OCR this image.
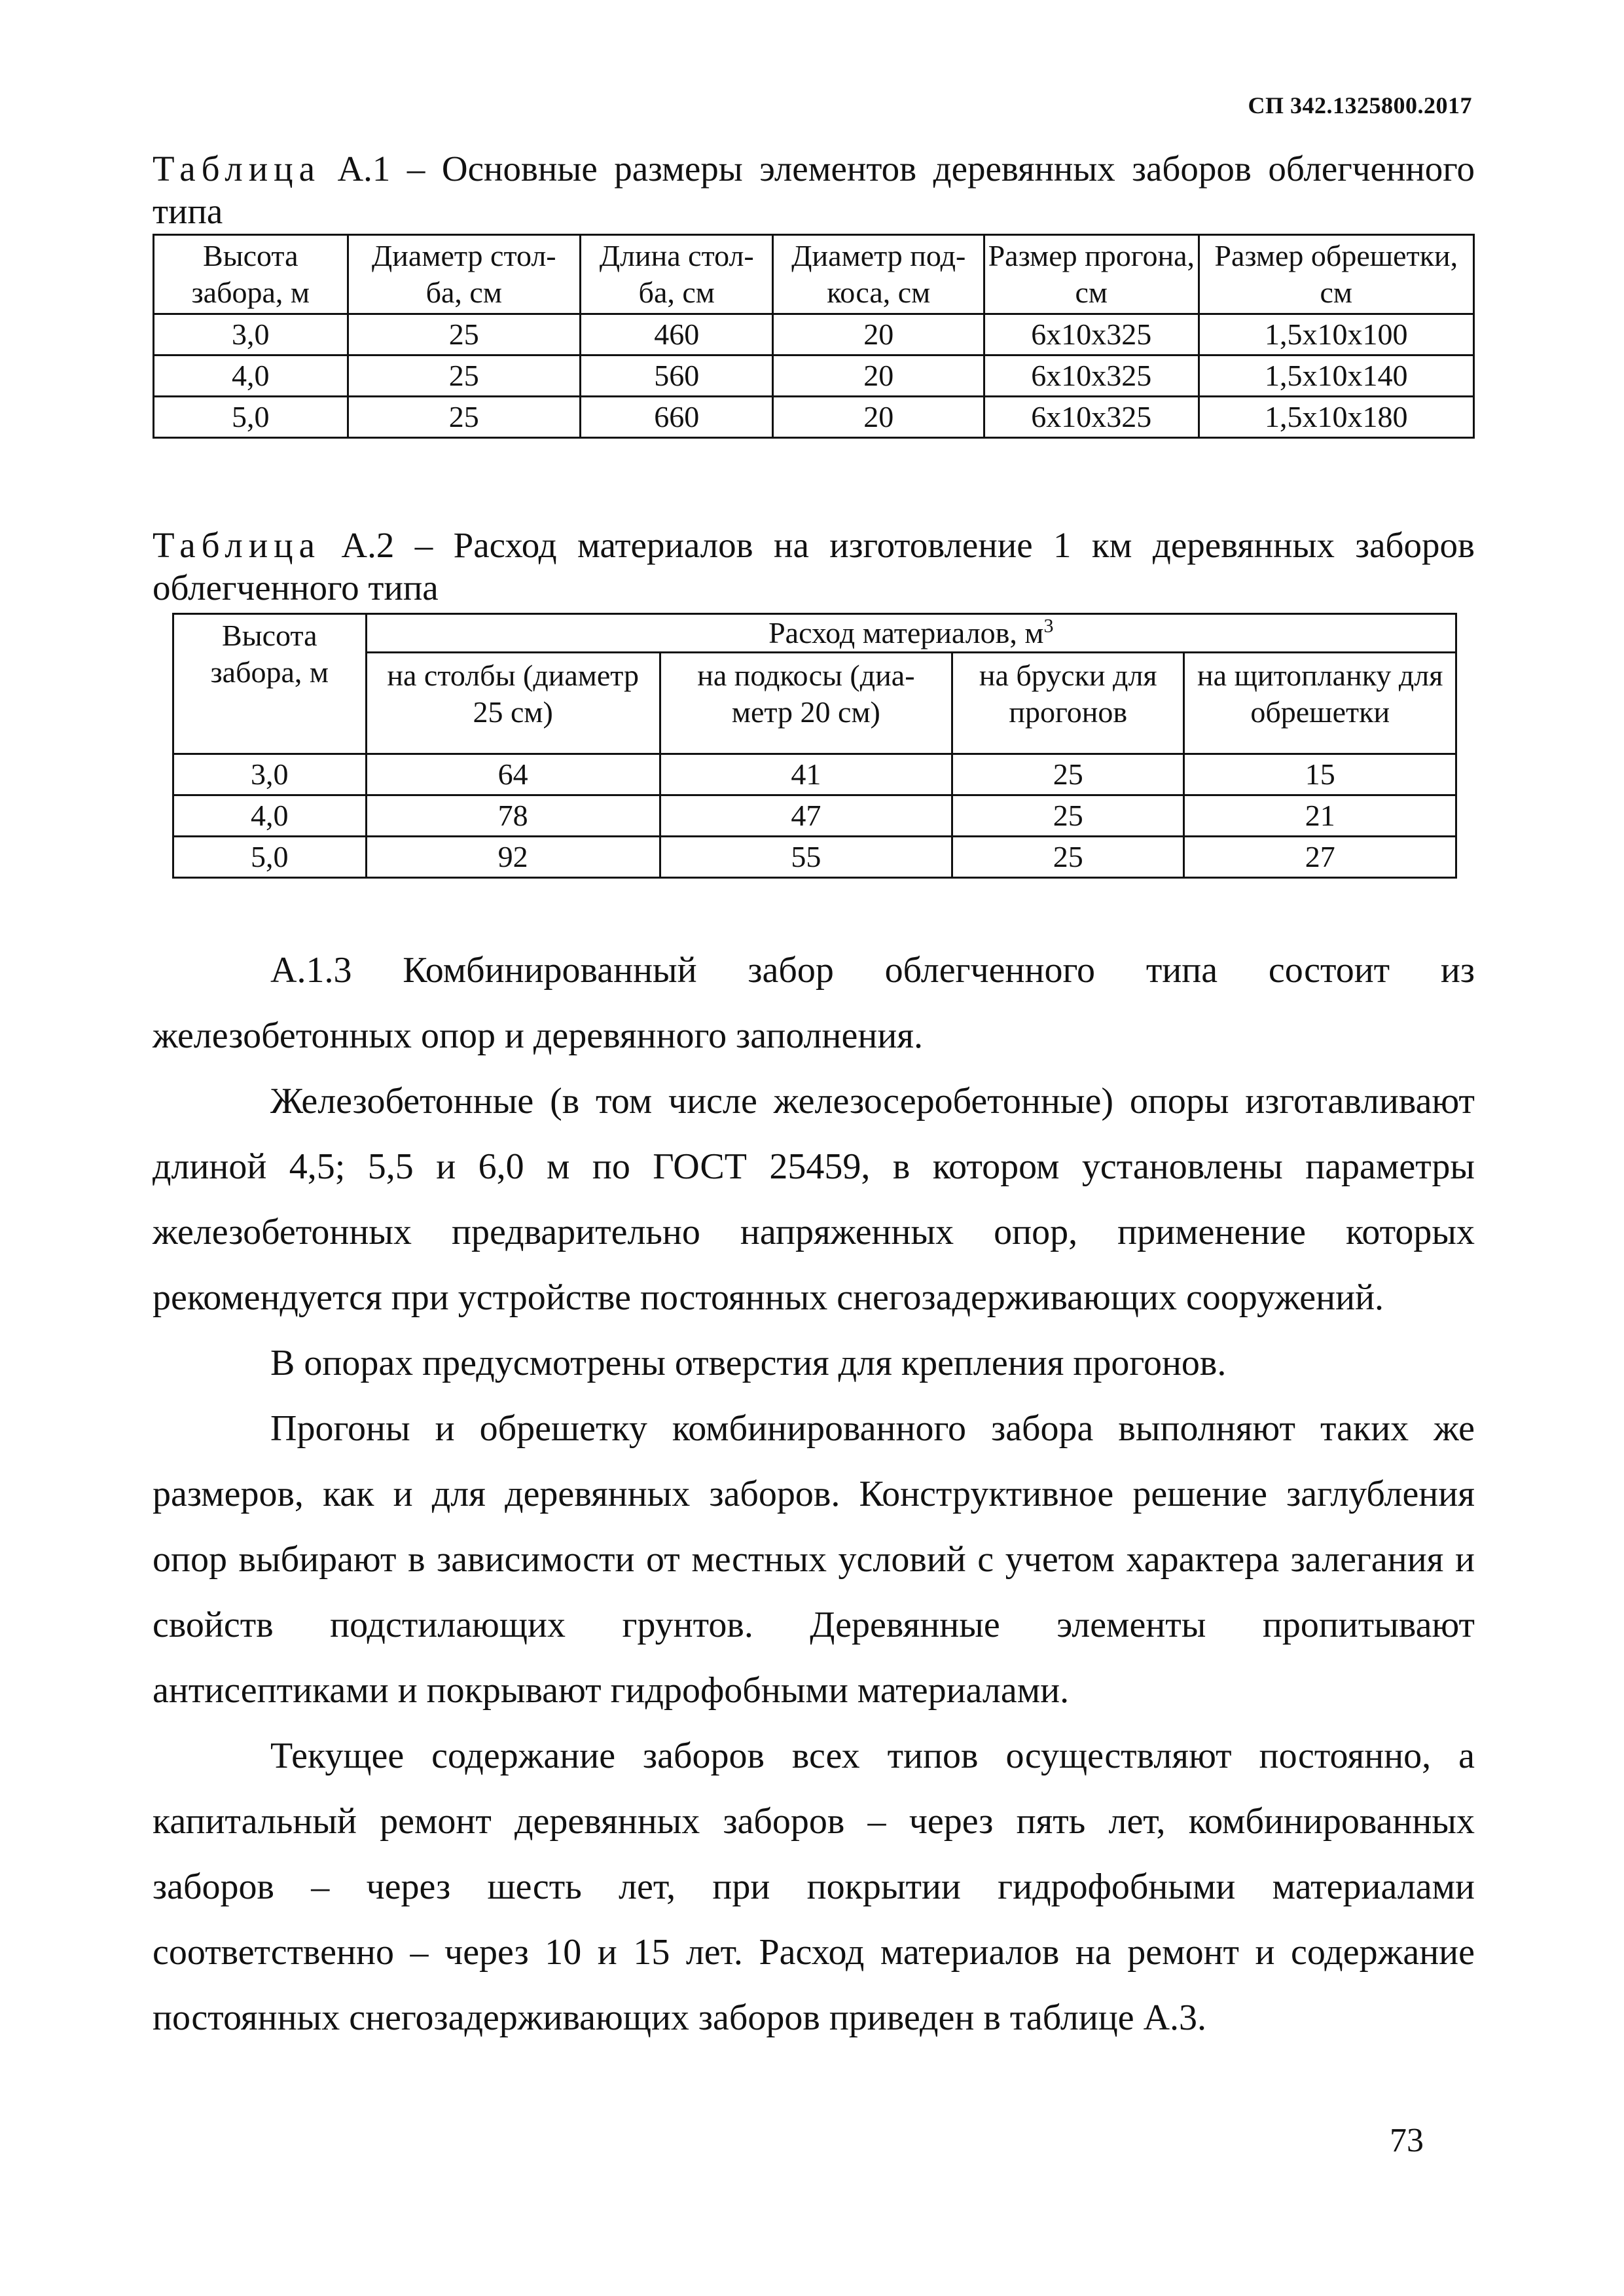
СП 342.1325800.2017
Таблица А.1 – Основные размеры элементов деревянных заборов облегченного типа
Высота забора, м	Диаметр стол- ба, см	Длина стол- ба, см	Диаметр под- коса, см	Размер прогона, см	Размер обрешетки, см
3,0	25	460	20	6х10х325	1,5х10х100
4,0	25	560	20	6х10х325	1,5х10х140
5,0	25	660	20	6х10х325	1,5х10х180
Таблица А.2 – Расход материалов на изготовление 1 км деревянных заборов облегченного типа
Высота забора, м	Расход материалов, $м^3$
	на столбы (диаметр 25 см)	на подкосы (диа- метр 20 см)	на бруски для прогонов	на щитопланку для обрешетки
3,0	64	41	25	15
4,0	78	47	25	21
5,0	92	55	25	27

А.1.3 Комбинированный забор облегченного типа состоит из железобетонных опор и деревянного заполнения.

Железобетонные (в том числе железосеробетонные) опоры изготавливают длиной 4,5; 5,5 и 6,0 м по ГОСТ 25459, в котором установлены параметры железобетонных предварительно напряженных опор, применение которых рекомендуется при устройстве постоянных снегозадерживающих сооружений.

В опорах предусмотрены отверстия для крепления прогонов.

Прогоны и обрешетку комбинированного забора выполняют таких же размеров, как и для деревянных заборов. Конструктивное решение заглубления опор выбирают в зависимости от местных условий с учетом характера залегания и свойств подстилающих грунтов. Деревянные элементы пропитывают антисептиками и покрывают гидрофобными материалами.

Текущее содержание заборов всех типов осуществляют постоянно, а капитальный ремонт деревянных заборов – через пять лет, комбинированных заборов – через шесть лет, при покрытии гидрофобными материалами соответственно – через 10 и 15 лет. Расход материалов на ремонт и содержание постоянных снегозадерживающих заборов приведен в таблице А.3.

73
